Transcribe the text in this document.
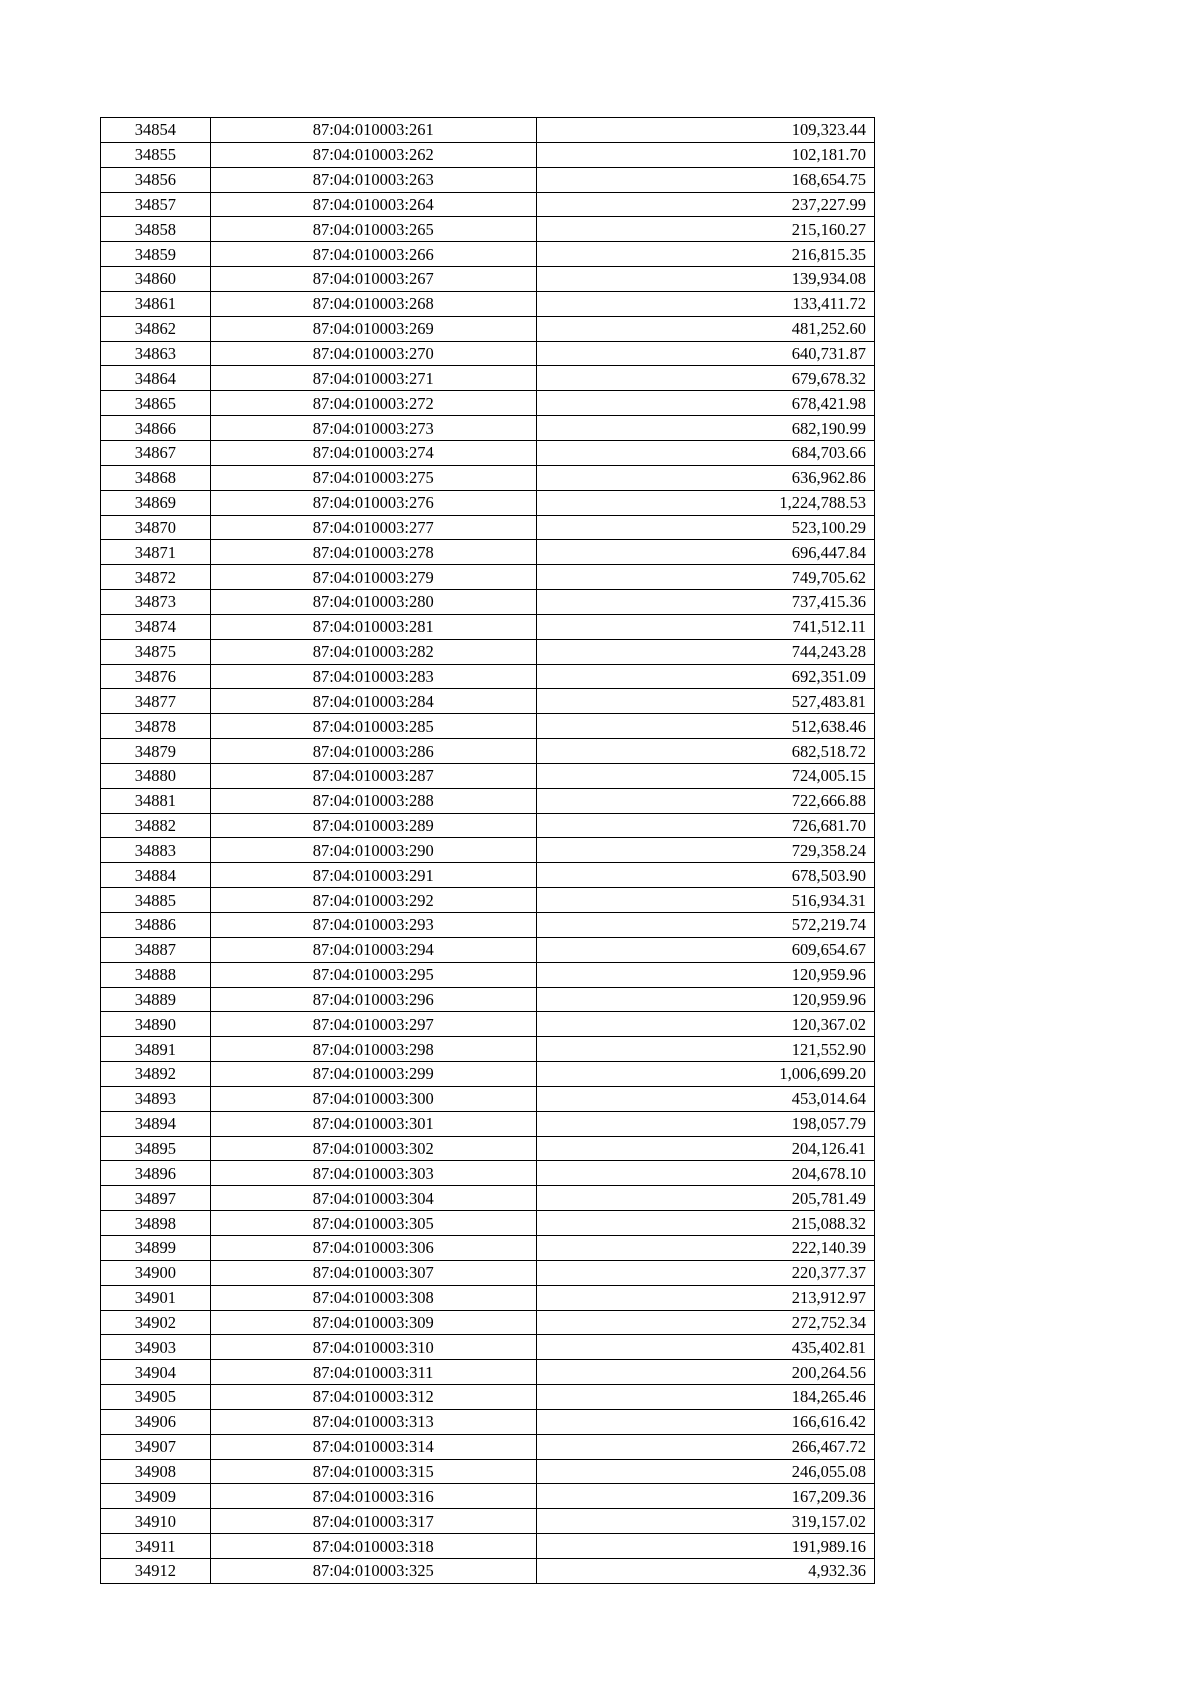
34854	87:04:010003:261	109,323.44
34855	87:04:010003:262	102,181.70
34856	87:04:010003:263	168,654.75
34857	87:04:010003:264	237,227.99
34858	87:04:010003:265	215,160.27
34859	87:04:010003:266	216,815.35
34860	87:04:010003:267	139,934.08
34861	87:04:010003:268	133,411.72
34862	87:04:010003:269	481,252.60
34863	87:04:010003:270	640,731.87
34864	87:04:010003:271	679,678.32
34865	87:04:010003:272	678,421.98
34866	87:04:010003:273	682,190.99
34867	87:04:010003:274	684,703.66
34868	87:04:010003:275	636,962.86
34869	87:04:010003:276	1,224,788.53
34870	87:04:010003:277	523,100.29
34871	87:04:010003:278	696,447.84
34872	87:04:010003:279	749,705.62
34873	87:04:010003:280	737,415.36
34874	87:04:010003:281	741,512.11
34875	87:04:010003:282	744,243.28
34876	87:04:010003:283	692,351.09
34877	87:04:010003:284	527,483.81
34878	87:04:010003:285	512,638.46
34879	87:04:010003:286	682,518.72
34880	87:04:010003:287	724,005.15
34881	87:04:010003:288	722,666.88
34882	87:04:010003:289	726,681.70
34883	87:04:010003:290	729,358.24
34884	87:04:010003:291	678,503.90
34885	87:04:010003:292	516,934.31
34886	87:04:010003:293	572,219.74
34887	87:04:010003:294	609,654.67
34888	87:04:010003:295	120,959.96
34889	87:04:010003:296	120,959.96
34890	87:04:010003:297	120,367.02
34891	87:04:010003:298	121,552.90
34892	87:04:010003:299	1,006,699.20
34893	87:04:010003:300	453,014.64
34894	87:04:010003:301	198,057.79
34895	87:04:010003:302	204,126.41
34896	87:04:010003:303	204,678.10
34897	87:04:010003:304	205,781.49
34898	87:04:010003:305	215,088.32
34899	87:04:010003:306	222,140.39
34900	87:04:010003:307	220,377.37
34901	87:04:010003:308	213,912.97
34902	87:04:010003:309	272,752.34
34903	87:04:010003:310	435,402.81
34904	87:04:010003:311	200,264.56
34905	87:04:010003:312	184,265.46
34906	87:04:010003:313	166,616.42
34907	87:04:010003:314	266,467.72
34908	87:04:010003:315	246,055.08
34909	87:04:010003:316	167,209.36
34910	87:04:010003:317	319,157.02
34911	87:04:010003:318	191,989.16
34912	87:04:010003:325	4,932.36
